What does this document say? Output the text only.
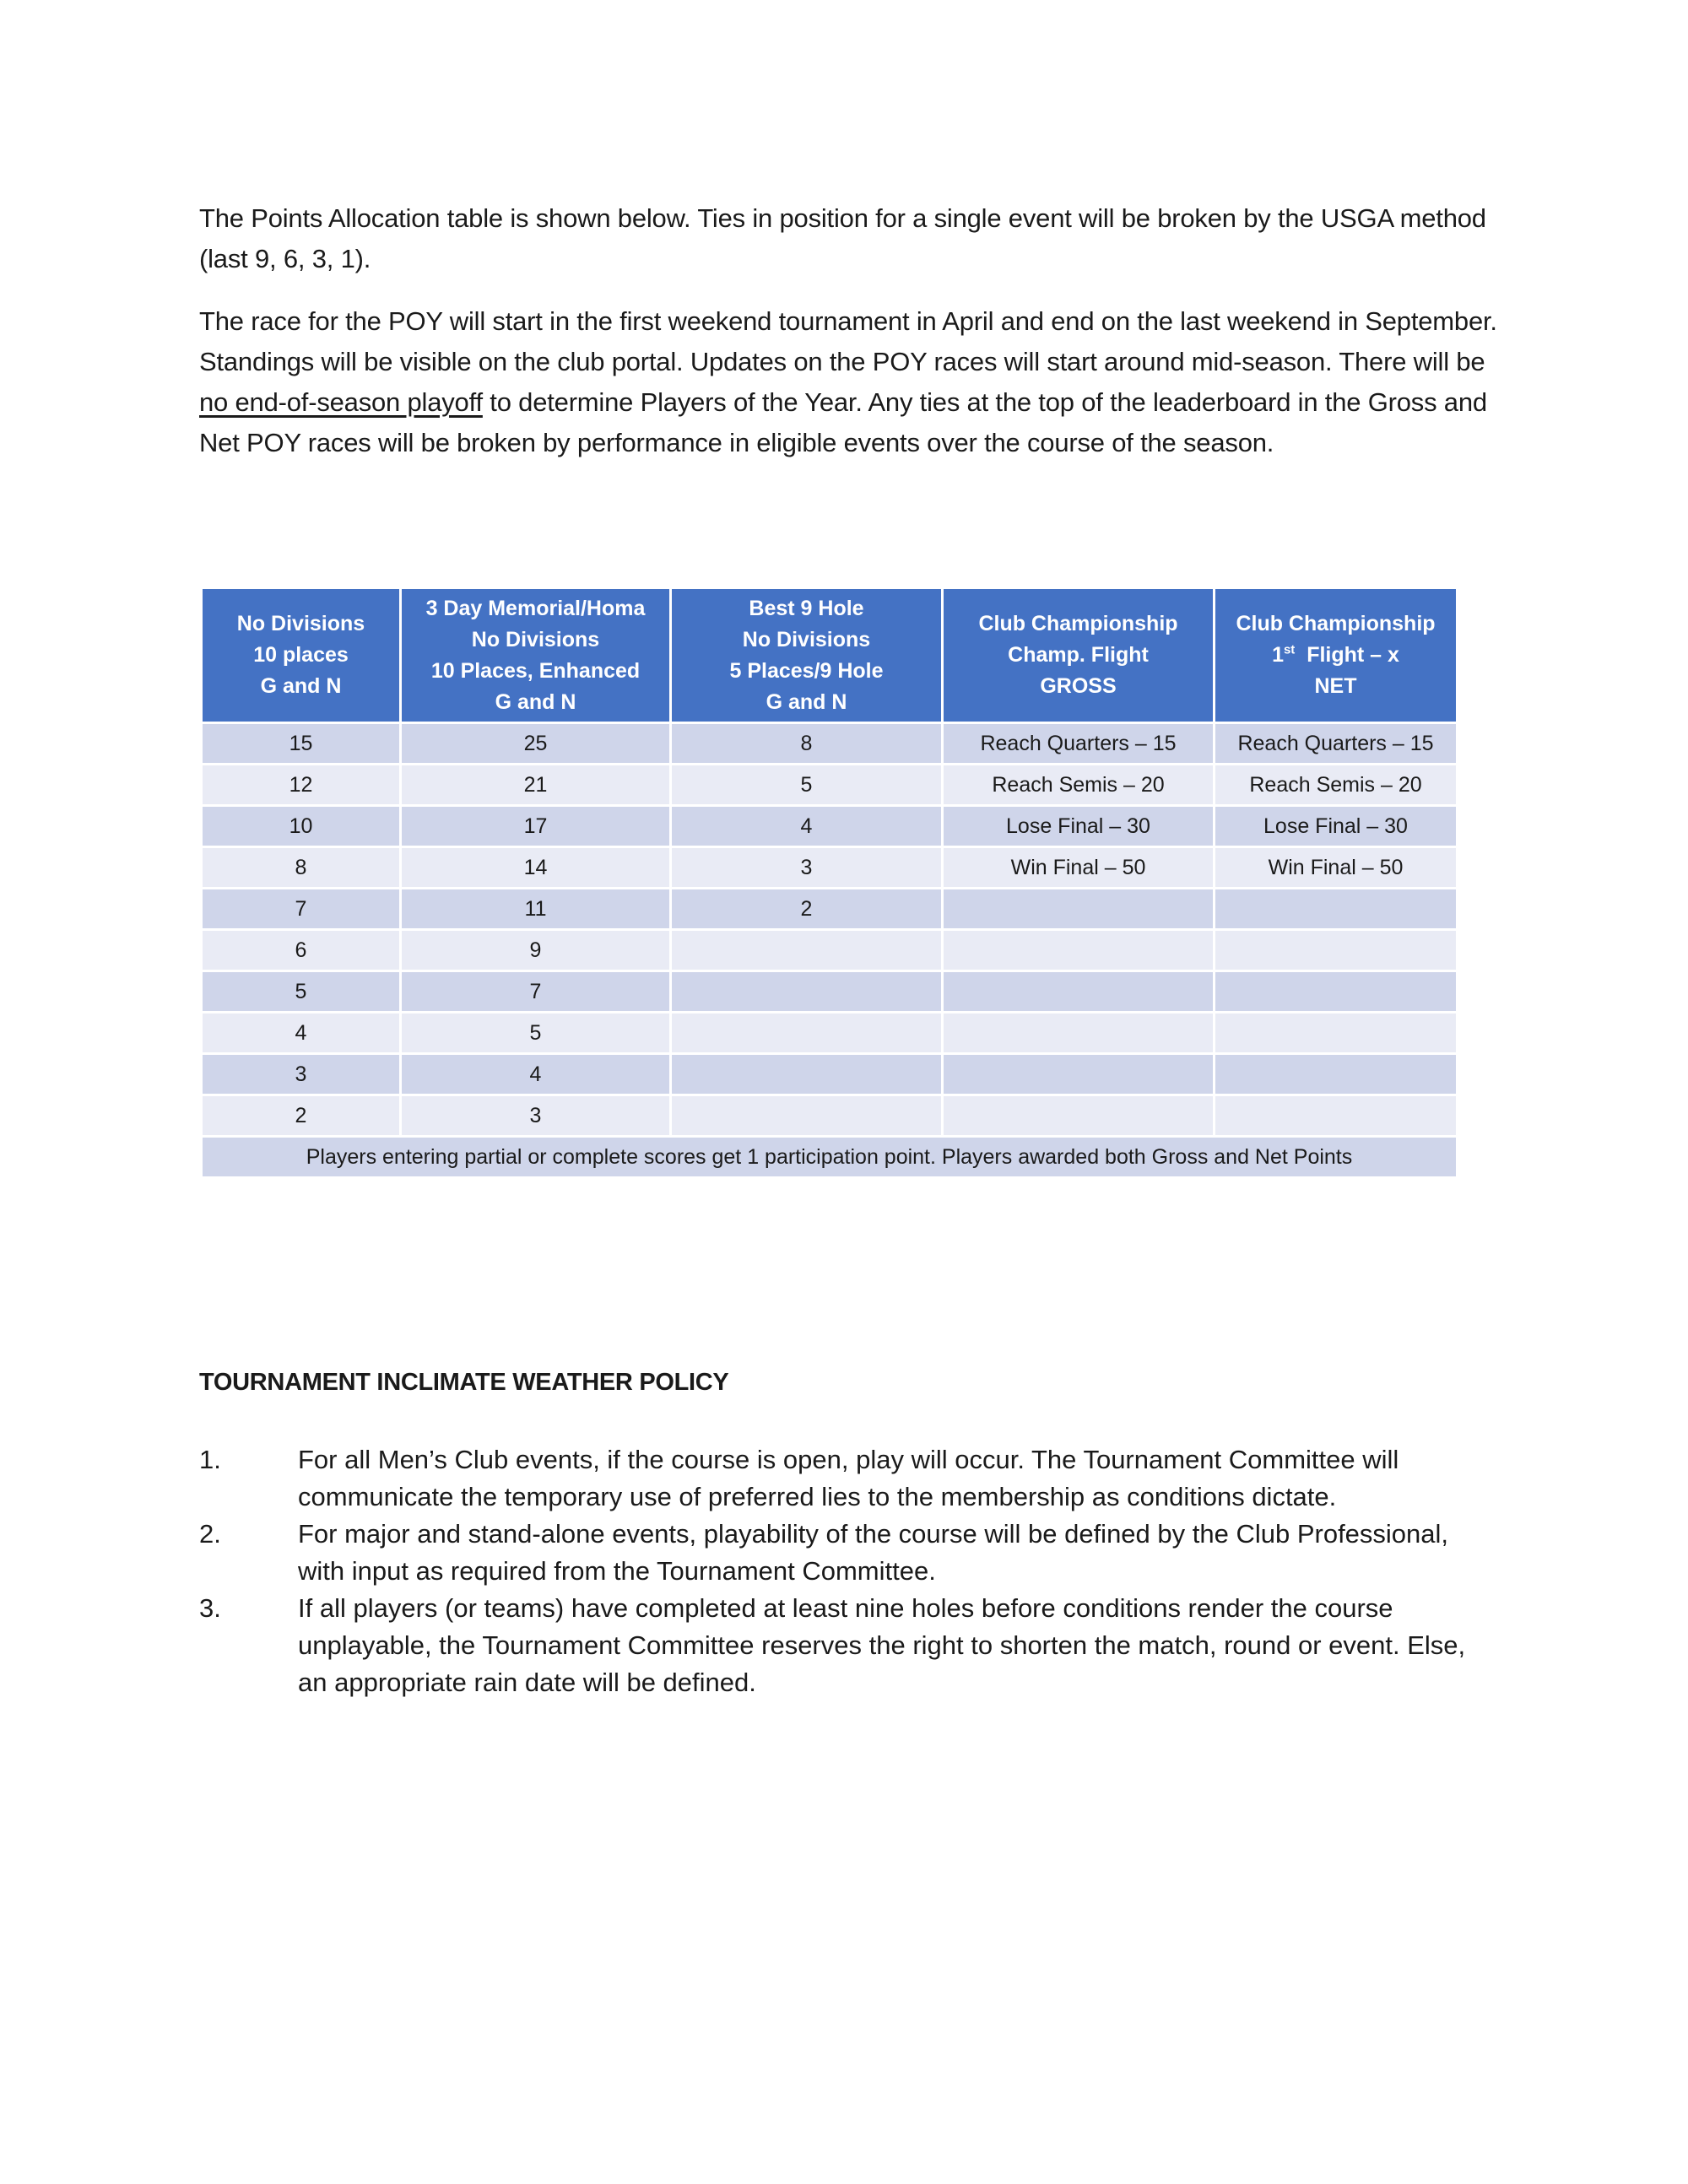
The Points Allocation table is shown below. Ties in position for a single event will be broken by the USGA method (last 9, 6, 3, 1).

The race for the POY will start in the first weekend tournament in April and end on the last weekend in September. Standings will be visible on the club portal. Updates on the POY races will start around mid-season. There will be no end-of-season playoff to determine Players of the Year. Any ties at the top of the leaderboard in the Gross and Net POY races will be broken by performance in eligible events over the course of the season.

No Divisions
10 places
G and N	3 Day Memorial/Homa
No Divisions
10 Places, Enhanced
G and N	Best 9 Hole
No Divisions
5 Places/9 Hole
G and N	Club Championship
Champ. Flight
GROSS	Club Championship
1st  Flight – x
NET
15	25	8	Reach Quarters – 15	Reach Quarters – 15
12	21	5	Reach Semis – 20	Reach Semis – 20
10	17	4	Lose Final – 30	Lose Final – 30
8	14	3	Win Final – 50	Win Final – 50
7	11	2		
6	9			
5	7			
4	5			
3	4			
2	3			
Players entering partial or complete scores get 1 participation point. Players awarded both Gross and Net Points				
TOURNAMENT INCLIMATE WEATHER POLICY
1.	For all Men’s Club events, if the course is open, play will occur. The Tournament Committee will communicate the temporary use of preferred lies to the membership as conditions dictate.
2.	For major and stand-alone events, playability of the course will be defined by the Club Professional, with input as required from the Tournament Committee.
3.	If all players (or teams) have completed at least nine holes before conditions render the course unplayable, the Tournament Committee reserves the right to shorten the match, round or event. Else, an appropriate rain date will be defined.
